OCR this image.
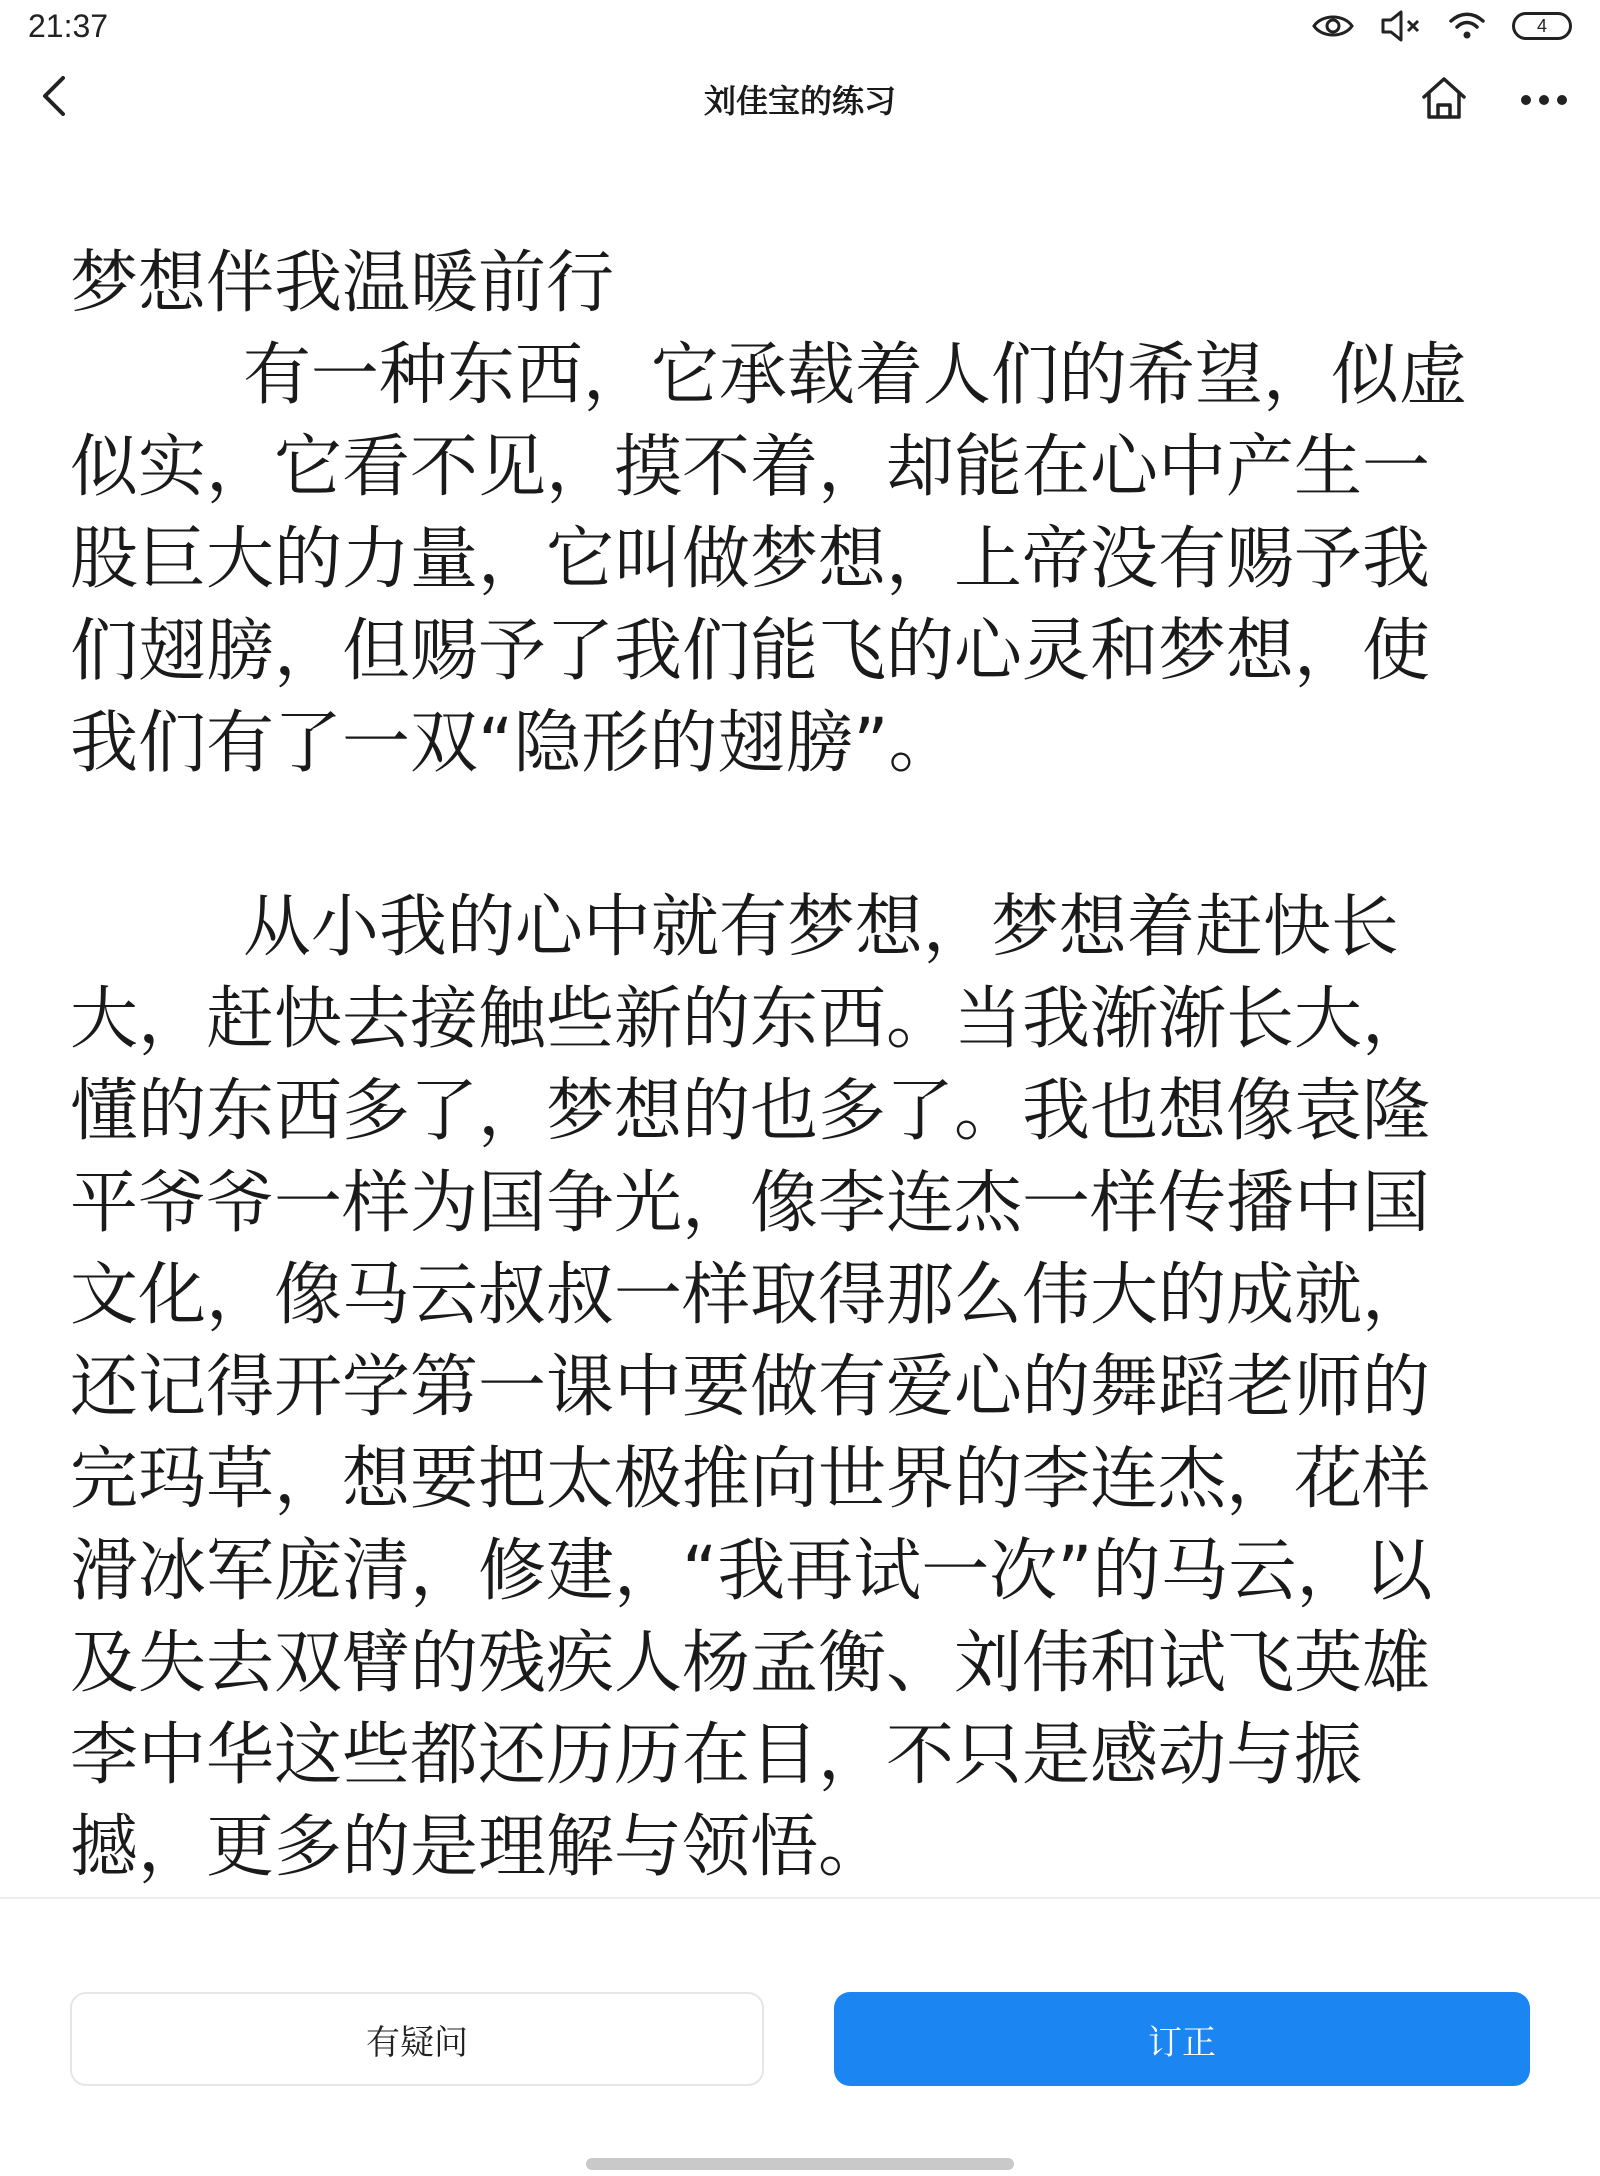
21:37	4
刘佳宝的练习
梦想伴我温暖前行
有一种东西，它承载着人们的希望，似虚
似实，它看不见，摸不着，却能在心中产生一
股巨大的力量，它叫做梦想，上帝没有赐予我
们翅膀，但赐予了我们能飞的心灵和梦想，使
我们有了一双“隐形的翅膀”。
从小我的心中就有梦想，梦想着赶快长
大，赶快去接触些新的东西。当我渐渐长大，
懂的东西多了，梦想的也多了。我也想像袁隆
平爷爷一样为国争光，像李连杰一样传播中国
文化，像马云叔叔一样取得那么伟大的成就，
还记得开学第一课中要做有爱心的舞蹈老师的
完玛草，想要把太极推向世界的李连杰，花样
滑冰军庞清，修建，“我再试一次”的马云，以
及失去双臂的残疾人杨孟衡、刘伟和试飞英雄
李中华这些都还历历在目，不只是感动与振
撼，更多的是理解与领悟。
有疑问	订正
